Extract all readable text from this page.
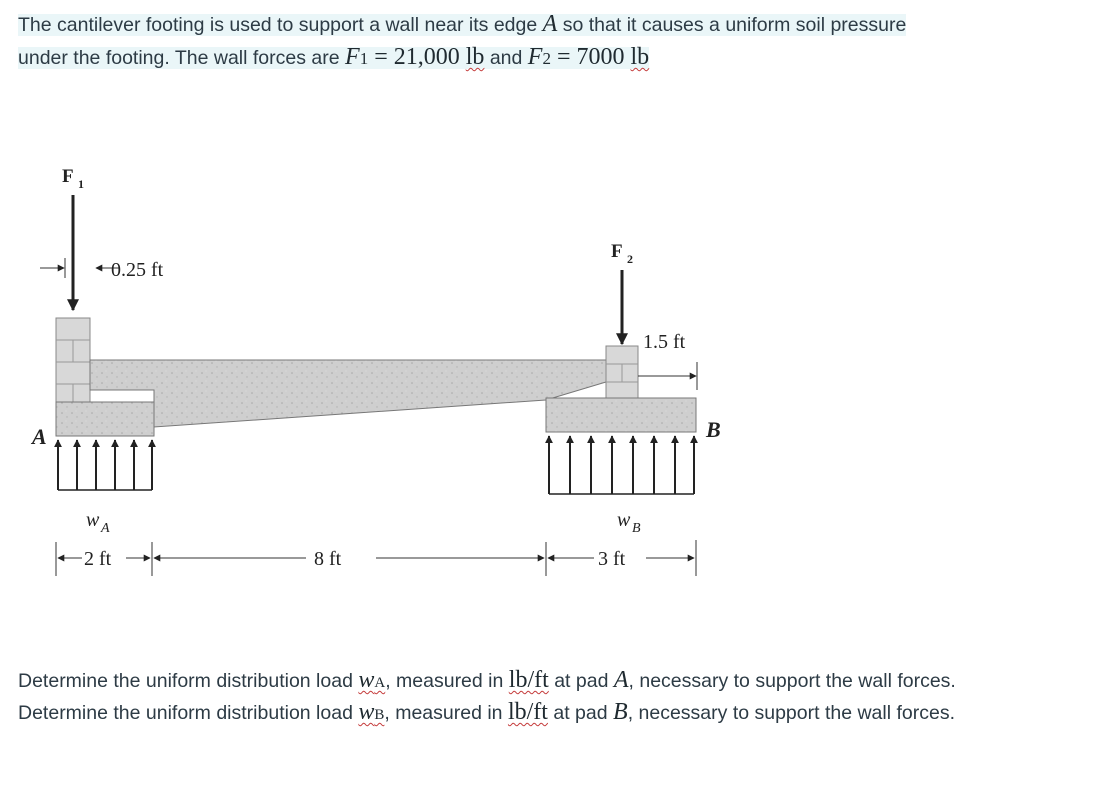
The cantilever footing is used to support a wall near its edge A so that it causes a uniform soil pressure
under the footing. The wall forces are F1 = 21,000 lb and F2 = 7000 lb
F 1
0.25 ft
F 2
1.5 ft
A	B
w A	w B
2 ft	8 ft	3 ft

Determine the uniform distribution load wA, measured in lb/ft at pad A, necessary to support the wall forces.

Determine the uniform distribution load wB, measured in lb/ft at pad B, necessary to support the wall forces.
